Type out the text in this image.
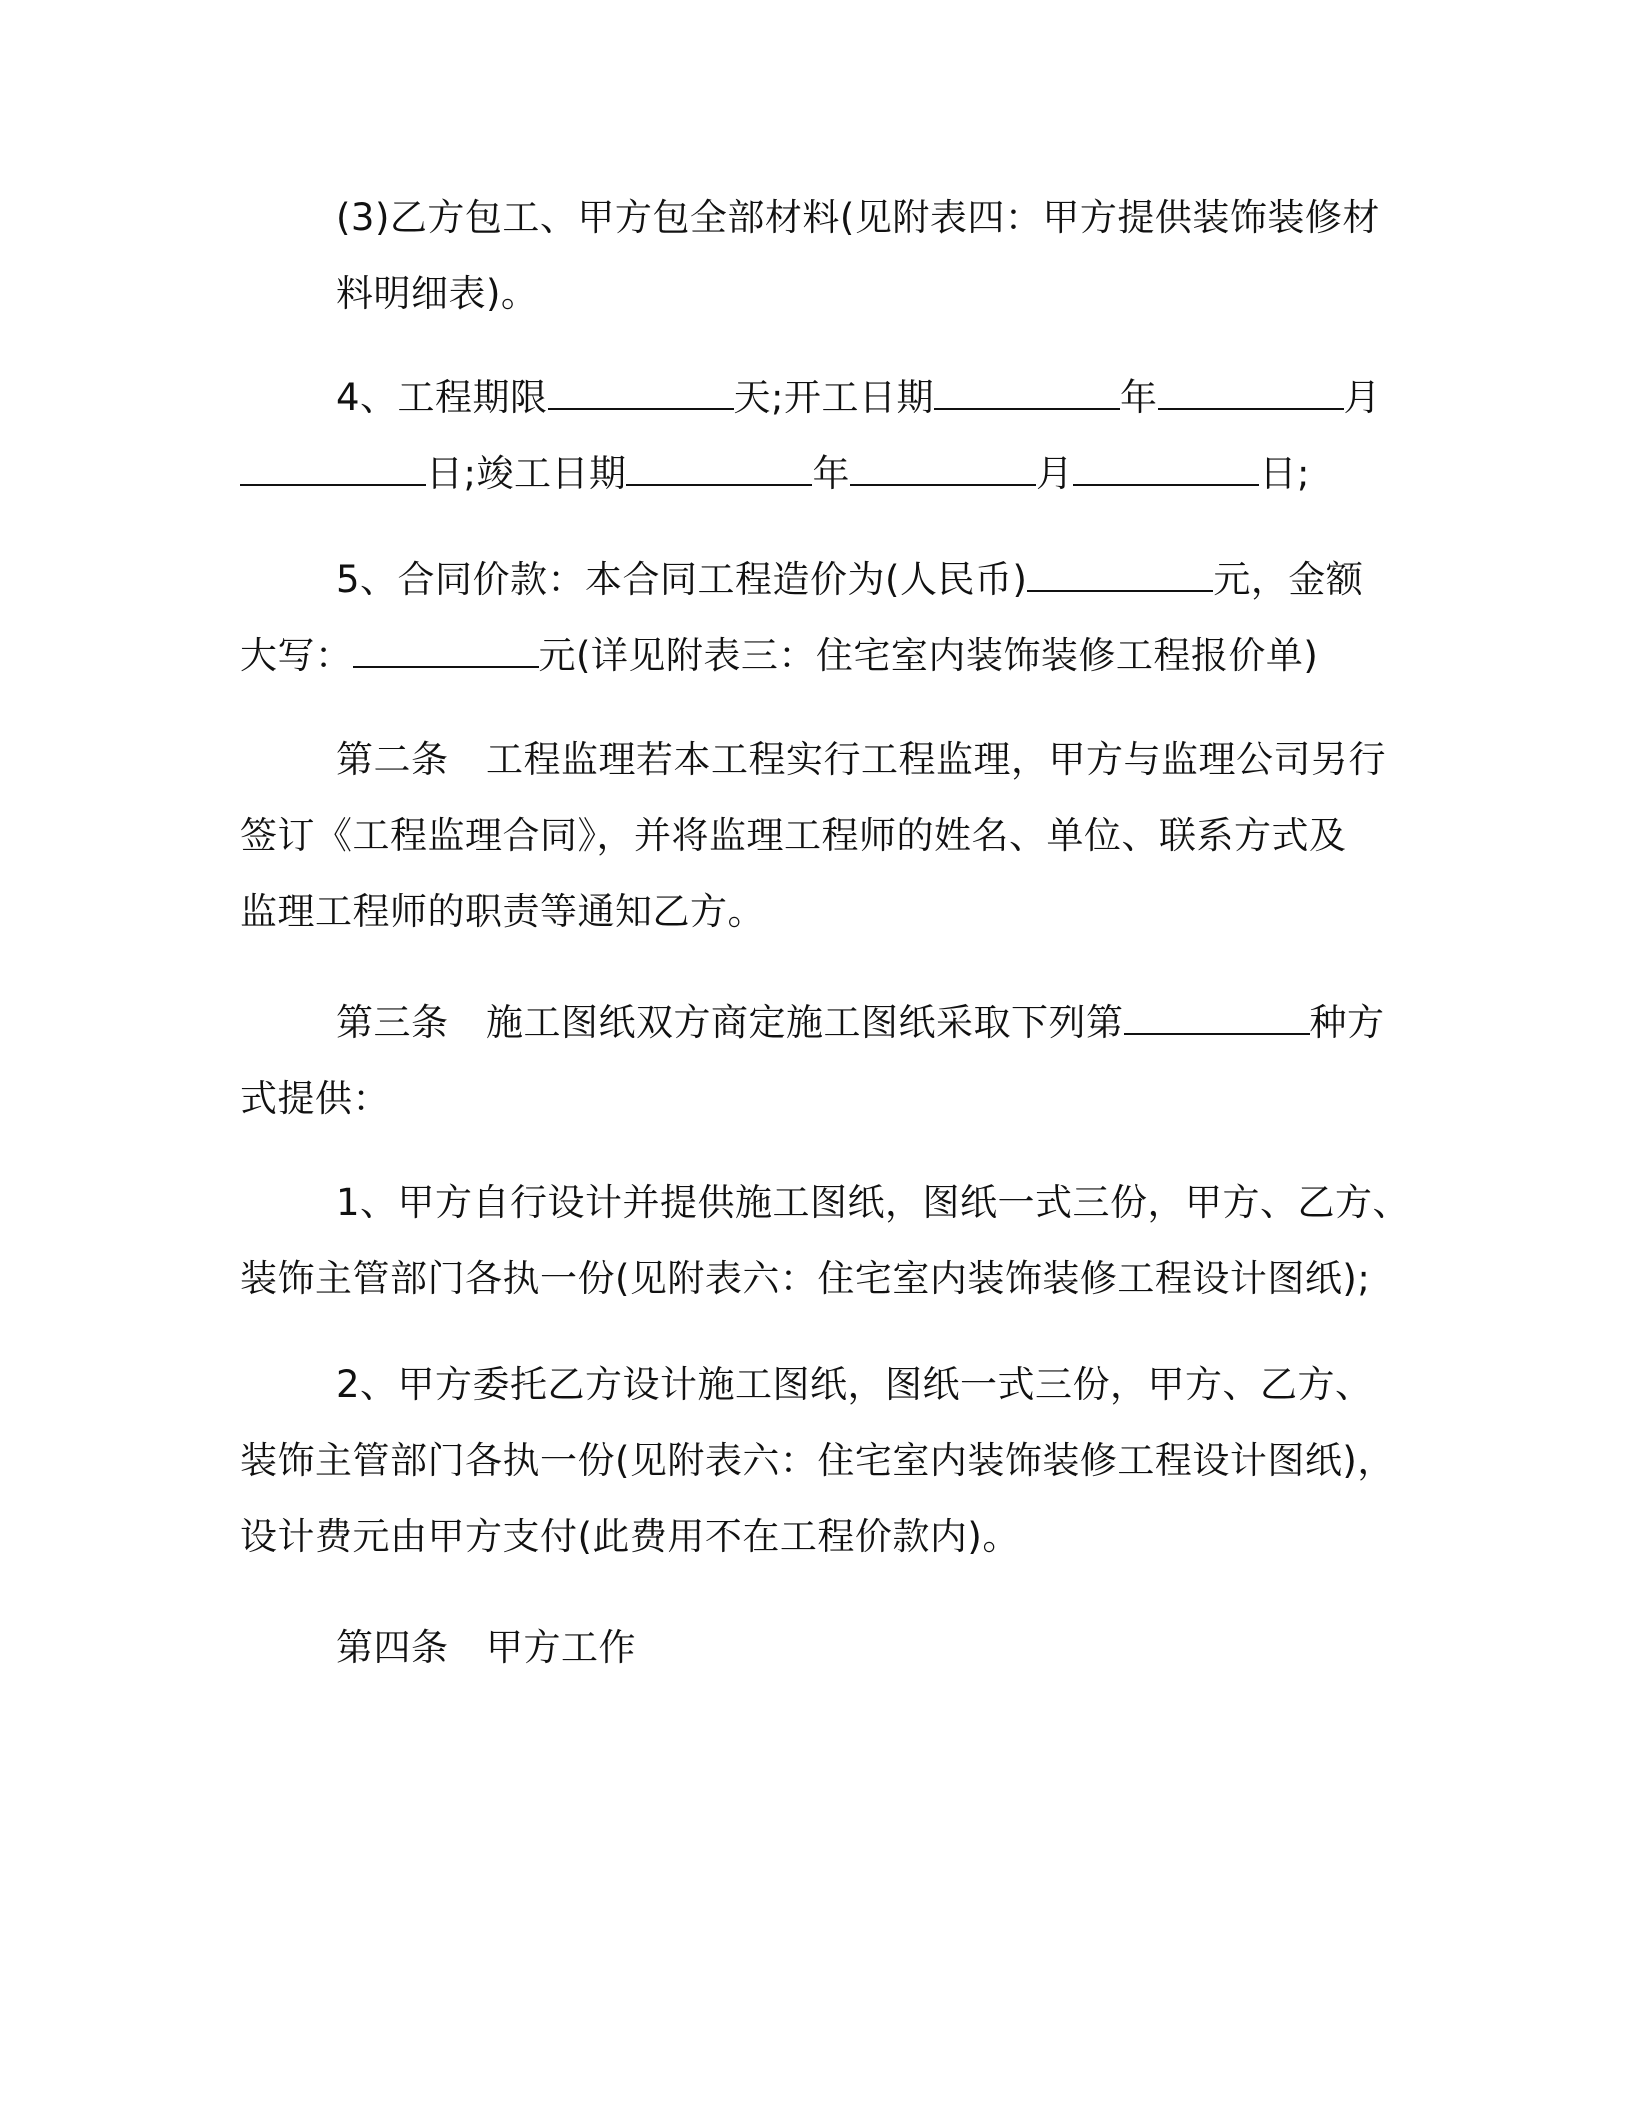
(3)乙方包工、甲方包全部材料(见附表四：甲方提供装饰装修材
料明细表)。

4、工程期限	天;开工日期	年	月
日;竣工日期	年	月	日;

5、合同价款：本合同工程造价为(人民币)	元，金额
大写：	元(详见附表三：住宅室内装饰装修工程报价单)

第二条　工程监理若本工程实行工程监理，甲方与监理公司另行
签订《工程监理合同》，并将监理工程师的姓名、单位、联系方式及
监理工程师的职责等通知乙方。

第三条　施工图纸双方商定施工图纸采取下列第	种方
式提供：

1、甲方自行设计并提供施工图纸，图纸一式三份，甲方、乙方、
装饰主管部门各执一份(见附表六：住宅室内装饰装修工程设计图纸);

2、甲方委托乙方设计施工图纸，图纸一式三份，甲方、乙方、
装饰主管部门各执一份(见附表六：住宅室内装饰装修工程设计图纸)，
设计费元由甲方支付(此费用不在工程价款内)。

第四条　甲方工作
